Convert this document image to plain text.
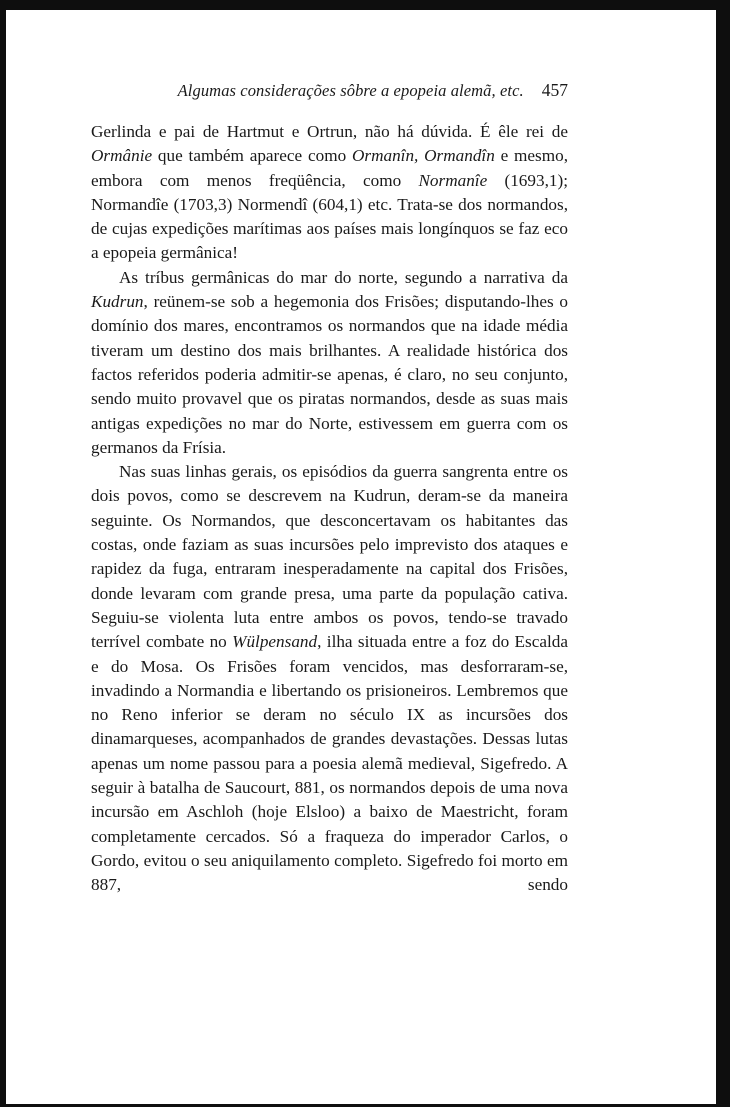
Algumas considerações sôbre a epopeia alemã, etc. 457

Gerlinda e pai de Hartmut e Ortrun, não há dúvida. É êle rei de Ormânie que também aparece como Ormanîn, Ormandîn e mesmo, embora com menos freqüência, como Normanîe (1693,1); Normandîe (1703,3) Normendî (604,1) etc. Trata-se dos normandos, de cujas expedições marítimas aos países mais longínquos se faz eco a epopeia germânica!

As tríbus germânicas do mar do norte, segundo a narrativa da Kudrun, reünem-se sob a hegemonia dos Frisões; disputando-lhes o domínio dos mares, encontramos os normandos que na idade média tiveram um destino dos mais brilhantes. A realidade histórica dos factos referidos poderia admitir-se apenas, é claro, no seu conjunto, sendo muito provavel que os piratas normandos, desde as suas mais antigas expedições no mar do Norte, estivessem em guerra com os germanos da Frísia.

Nas suas linhas gerais, os episódios da guerra sangrenta entre os dois povos, como se descrevem na Kudrun, deram-se da maneira seguinte. Os Normandos, que desconcertavam os habitantes das costas, onde faziam as suas incursões pelo imprevisto dos ataques e rapidez da fuga, entraram inesperadamente na capital dos Frisões, donde levaram com grande presa, uma parte da população cativa. Seguiu-se violenta luta entre ambos os povos, tendo-se travado terrível combate no Wülpensand, ilha situada entre a foz do Escalda e do Mosa. Os Frisões foram vencidos, mas desforraram-se, invadindo a Normandia e libertando os prisioneiros. Lembremos que no Reno inferior se deram no século IX as incursões dos dinamarqueses, acompanhados de grandes devastações. Dessas lutas apenas um nome passou para a poesia alemã medieval, Sigefredo. A seguir à batalha de Saucourt, 881, os normandos depois de uma nova incursão em Aschloh (hoje Elsloo) a baixo de Maestricht, foram completamente cercados. Só a fraqueza do imperador Carlos, o Gordo, evitou o seu aniquilamento completo. Sigefredo foi morto em 887, sendo
